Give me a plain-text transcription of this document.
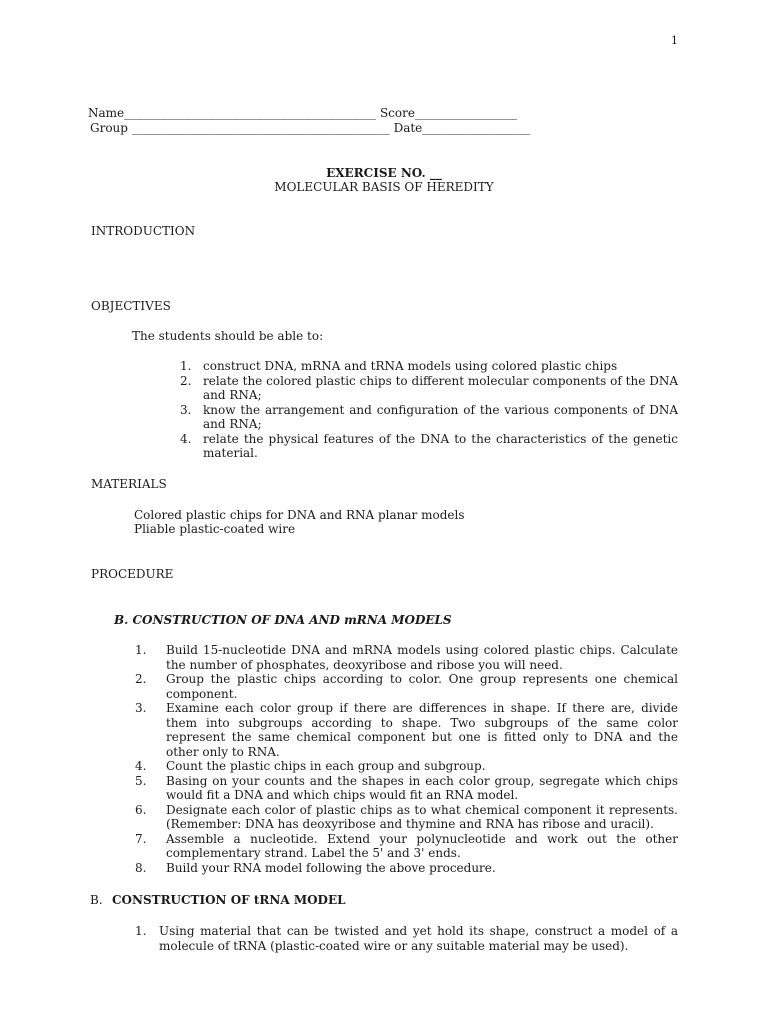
1
Name__________________________________________ Score_________________
Group ___________________________________________ Date__________________
EXERCISE NO. __
MOLECULAR BASIS OF HEREDITY
INTRODUCTION
OBJECTIVES
The students should be able to:
1. construct DNA, mRNA and tRNA models using colored plastic chips
2. relate the colored plastic chips to different molecular components of the DNA and RNA;
3. know the arrangement and configuration of the various components of DNA and RNA;
4. relate the physical features of the DNA to the characteristics of the genetic material.
MATERIALS
Colored plastic chips for DNA and RNA planar models
Pliable plastic-coated wire
PROCEDURE
B. CONSTRUCTION OF DNA AND mRNA MODELS
1. Build 15-nucleotide DNA and mRNA models using colored plastic chips. Calculate the number of phosphates, deoxyribose and ribose you will need.
2. Group the plastic chips according to color. One group represents one chemical component.
3. Examine each color group if there are differences in shape. If there are, divide them into subgroups according to shape. Two subgroups of the same color represent the same chemical component but one is fitted only to DNA and the other only to RNA.
4. Count the plastic chips in each group and subgroup.
5. Basing on your counts and the shapes in each color group, segregate which chips would fit a DNA and which chips would fit an RNA model.
6. Designate each color of plastic chips as to what chemical component it represents. (Remember: DNA has deoxyribose and thymine and RNA has ribose and uracil).
7. Assemble a nucleotide. Extend your polynucleotide and work out the other complementary strand. Label the 5' and 3' ends.
8. Build your RNA model following the above procedure.
B. CONSTRUCTION OF tRNA MODEL
1. Using material that can be twisted and yet hold its shape, construct a model of a molecule of tRNA (plastic-coated wire or any suitable material may be used).
